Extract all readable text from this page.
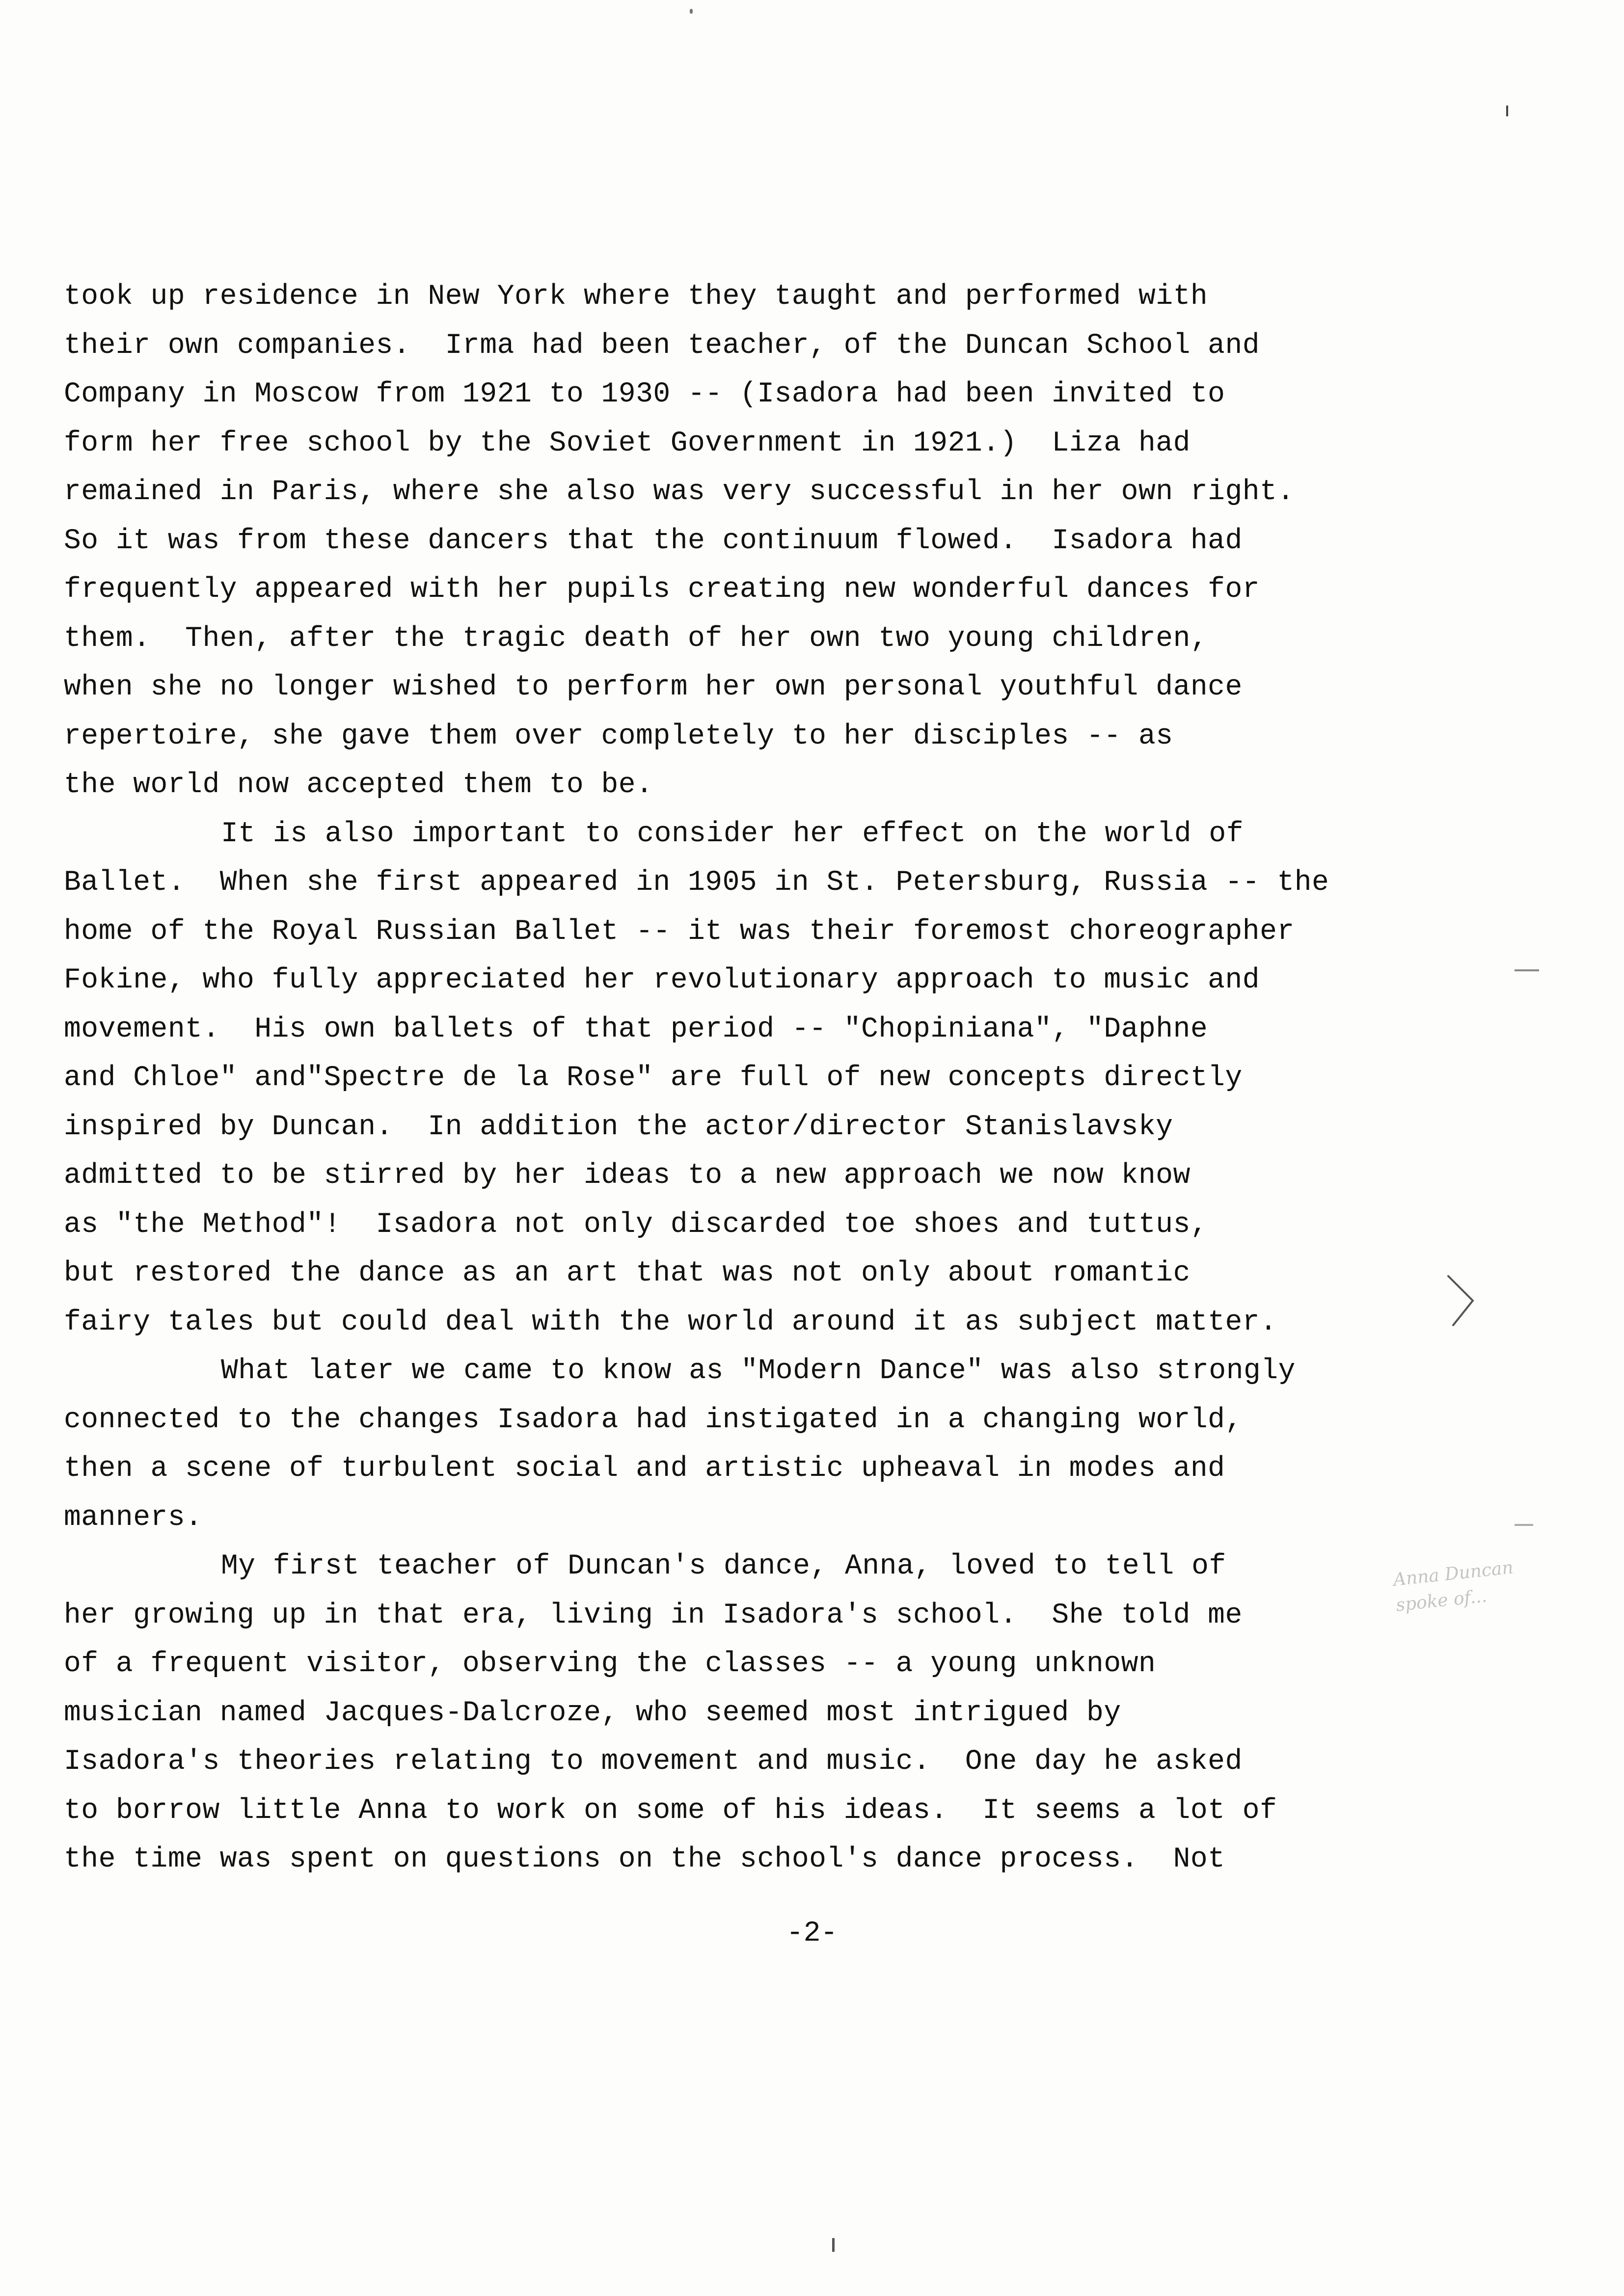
took up residence in New York where they taught and performed with
their own companies.  Irma had been teacher, of the Duncan School and
Company in Moscow from 1921 to 1930 -- (Isadora had been invited to
form her free school by the Soviet Government in 1921.)  Liza had
remained in Paris, where she also was very successful in her own right.
So it was from these dancers that the continuum flowed.  Isadora had
frequently appeared with her pupils creating new wonderful dances for
them.  Then, after the tragic death of her own two young children,
when she no longer wished to perform her own personal youthful dance
repertoire, she gave them over completely to her disciples -- as
the world now accepted them to be.
It is also important to consider her effect on the world of
Ballet.  When she first appeared in 1905 in St. Petersburg, Russia -- the
home of the Royal Russian Ballet -- it was their foremost choreographer
Fokine, who fully appreciated her revolutionary approach to music and
movement.  His own ballets of that period -- "Chopiniana", "Daphne
and Chloe" and"Spectre de la Rose" are full of new concepts directly
inspired by Duncan.  In addition the actor/director Stanislavsky
admitted to be stirred by her ideas to a new approach we now know
as "the Method"!  Isadora not only discarded toe shoes and tuttus,
but restored the dance as an art that was not only about romantic
fairy tales but could deal with the world around it as subject matter.
What later we came to know as "Modern Dance" was also strongly
connected to the changes Isadora had instigated in a changing world,
then a scene of turbulent social and artistic upheaval in modes and
manners.
My first teacher of Duncan's dance, Anna, loved to tell of
her growing up in that era, living in Isadora's school.  She told me
of a frequent visitor, observing the classes -- a young unknown
musician named Jacques-Dalcroze, who seemed most intrigued by
Isadora's theories relating to movement and music.  One day he asked
to borrow little Anna to work on some of his ideas.  It seems a lot of
the time was spent on questions on the school's dance process.  Not
Anna Duncan
spoke of...
-2-
